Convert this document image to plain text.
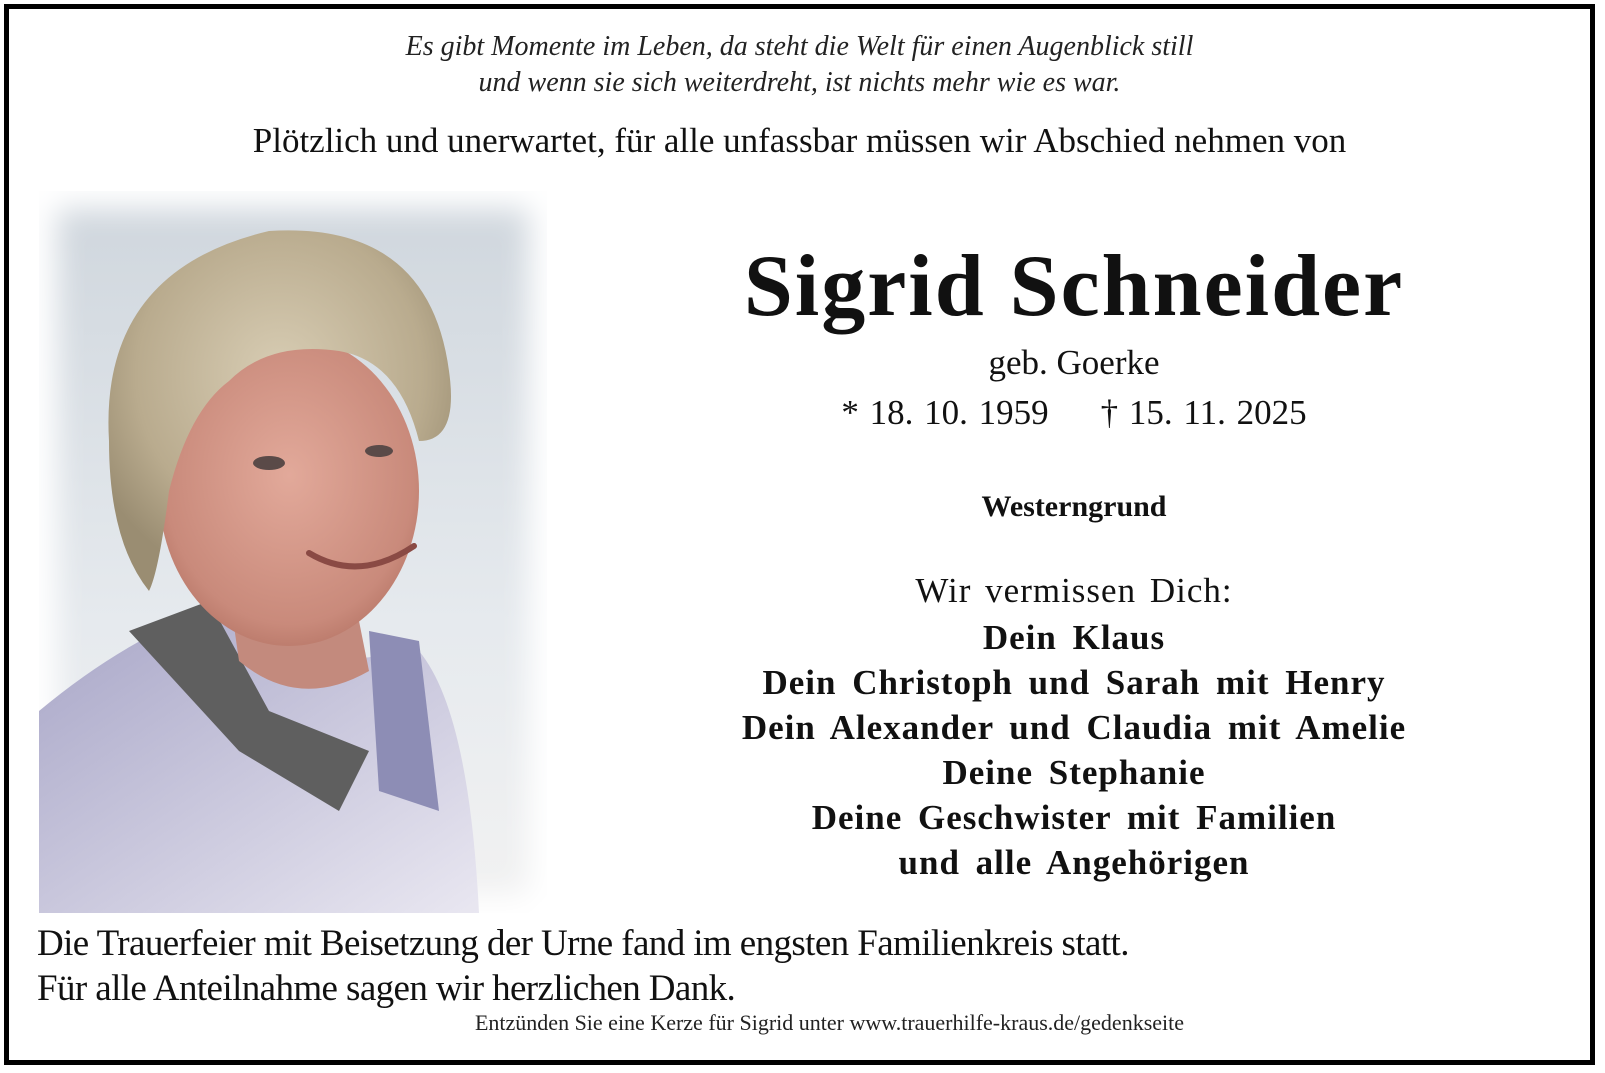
Es gibt Momente im Leben, da steht die Welt für einen Augenblick still
und wenn sie sich weiterdreht, ist nichts mehr wie es war.
Plötzlich und unerwartet, für alle unfassbar müssen wir Abschied nehmen von
Sigrid Schneider
geb. Goerke
* 18. 10. 1959 † 15. 11. 2025
Westerngrund
Wir vermissen Dich:
Dein Klaus
Dein Christoph und Sarah mit Henry
Dein Alexander und Claudia mit Amelie
Deine Stephanie
Deine Geschwister mit Familien
und alle Angehörigen
Die Trauerfeier mit Beisetzung der Urne fand im engsten Familienkreis statt.
Für alle Anteilnahme sagen wir herzlichen Dank.
Entzünden Sie eine Kerze für Sigrid unter www.trauerhilfe-kraus.de/gedenkseite
